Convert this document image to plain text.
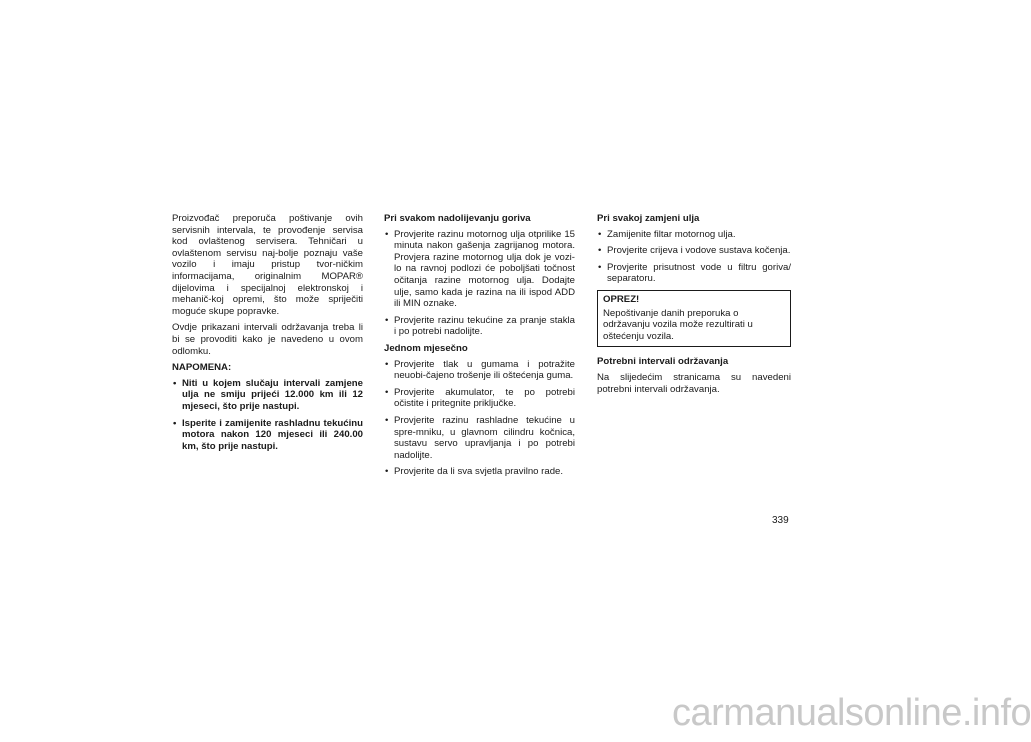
Proizvođač preporuča poštivanje ovih servisnih intervala, te provođenje servisa kod ovlaštenog servisera. Tehničari u ovlaštenom servisu naj-bolje poznaju vaše vozilo i imaju pristup tvor-ničkim informacijama, originalnim MOPAR® dijelovima i specijalnoj elektronskoj i mehanič-koj opremi, što može spriječiti moguće skupe popravke.

Ovdje prikazani intervali održavanja treba li bi se provoditi kako je navedeno u ovom odlomku.

NAPOMENA:

• Niti u kojem slučaju intervali zamjene ulja ne smiju prijeći 12.000 km ili 12 mjeseci, što prije nastupi.
• Isperite i zamijenite rashladnu tekućinu motora nakon 120 mjeseci ili 240.00 km, što prije nastupi.

Pri svakom nadolijevanju goriva

• Provjerite razinu motornog ulja otprilike 15 minuta nakon gašenja zagrijanog motora. Provjera razine motornog ulja dok je vozi-lo na ravnoj podlozi će poboljšati točnost očitanja razine motornog ulja. Dodajte ulje, samo kada je razina na ili ispod ADD ili MIN oznake.
• Provjerite razinu tekućine za pranje stakla i po potrebi nadolijte.

Jednom mjesečno

• Provjerite tlak u gumama i potražite neuobi-čajeno trošenje ili oštećenja guma.
• Provjerite akumulator, te po potrebi očistite i pritegnite priključke.
• Provjerite razinu rashladne tekućine u spre-mniku, u glavnom cilindru kočnica, sustavu servo upravljanja i po potrebi nadolijte.
• Provjerite da li sva svjetla pravilno rade.

Pri svakoj zamjeni ulja

• Zamijenite filtar motornog ulja.
• Provjerite crijeva i vodove sustava kočenja.
• Provjerite prisutnost vode u filtru goriva/ separatoru.
OPREZ!
Nepoštivanje danih preporuka o održavanju vozila može rezultirati u oštećenju vozila.

Potrebni intervali održavanja

Na slijedećim stranicama su navedeni potrebni intervali održavanja.

339
carmanualsonline.info
